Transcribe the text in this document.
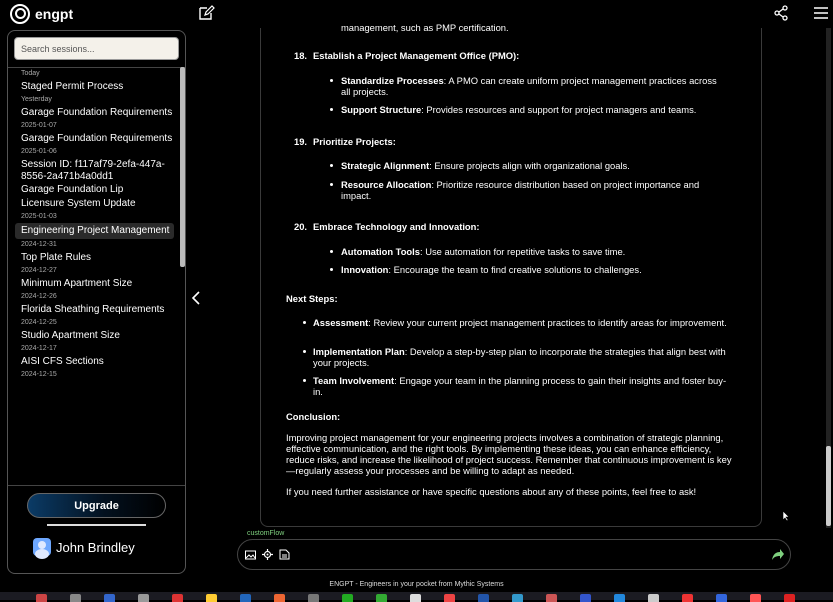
engpt
Search sessions...
Today
Staged Permit Process
Yesterday
Garage Foundation Requirements
2025-01-07
Garage Foundation Requirements
2025-01-06
Session ID: f117af79-2efa-447a-8556-2a471b4a0dd1
Garage Foundation Lip
Licensure System Update
2025-01-03
Engineering Project Management
2024-12-31
Top Plate Rules
2024-12-27
Minimum Apartment Size
2024-12-26
Florida Sheathing Requirements
2024-12-25
Studio Apartment Size
2024-12-17
AISI CFS Sections
2024-12-15
Upgrade
John Brindley
management, such as PMP certification.
18. Establish a Project Management Office (PMO):
Standardize Processes: A PMO can create uniform project management practices across all projects.
Support Structure: Provides resources and support for project managers and teams.
19. Prioritize Projects:
Strategic Alignment: Ensure projects align with organizational goals.
Resource Allocation: Prioritize resource distribution based on project importance and impact.
20. Embrace Technology and Innovation:
Automation Tools: Use automation for repetitive tasks to save time.
Innovation: Encourage the team to find creative solutions to challenges.
Next Steps:
Assessment: Review your current project management practices to identify areas for improvement.
Implementation Plan: Develop a step-by-step plan to incorporate the strategies that align best with your projects.
Team Involvement: Engage your team in the planning process to gain their insights and foster buy-in.
Conclusion:
Improving project management for your engineering projects involves a combination of strategic planning, effective communication, and the right tools. By implementing these ideas, you can enhance efficiency, reduce risks, and increase the likelihood of project success. Remember that continuous improvement is key—regularly assess your processes and be willing to adapt as needed.
If you need further assistance or have specific questions about any of these points, feel free to ask!
customFlow
ENGPT - Engineers in your pocket from Mythic Systems
